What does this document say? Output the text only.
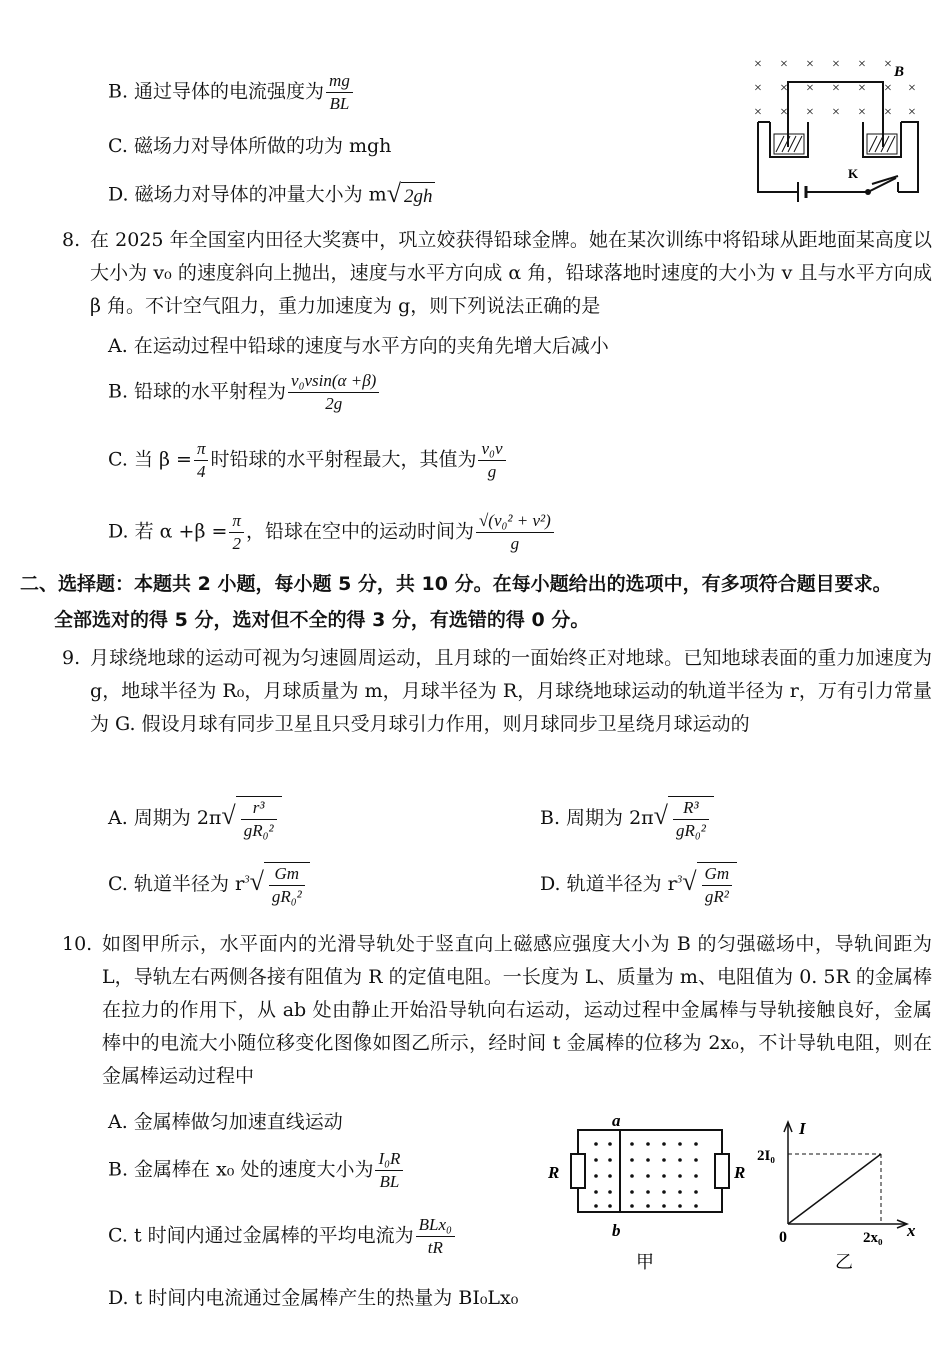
B. 通过导体的电流强度为 $\frac{mg}{BL}$
C. 磁场力对导体所做的功为 mgh
D. 磁场力对导体的冲量大小为 m√ 2gh
× × × × × ×
× × × × × × ×
× × × × × × ×
B
K
8. 在 2025 年全国室内田径大奖赛中，巩立姣获得铅球金牌。她在某次训练中将铅球从距地面某高度以大小为 v₀ 的速度斜向上抛出，速度与水平方向成 α 角，铅球落地时速度的大小为 v 且与水平方向成 β 角。不计空气阻力，重力加速度为 g，则下列说法正确的是
A. 在运动过程中铅球的速度与水平方向的夹角先增大后减小
B. 铅球的水平射程为 $\frac{\text{v₀vsin(α +β)}}{2g}$
C. 当 $\beta = \frac{\pi}{4}$ 时铅球的水平射程最大，其值为 $\frac{\text{v₀v}}{g}$
D. 若 $\alpha +\beta = \frac{\pi}{2}$ ，铅球在空中的运动时间为 $\frac{\text{√(v₀² + v²)}}{g}$
二、选择题：本题共 2 小题，每小题 5 分，共 10 分。在每小题给出的选项中，有多项符合题目要求。
全部选对的得 5 分，选对但不全的得 3 分，有选错的得 0 分。
9. 月球绕地球的运动可视为匀速圆周运动，且月球的一面始终正对地球。已知地球表面的重力加速度为 g，地球半径为 R₀，月球质量为 m，月球半径为 R，月球绕地球运动的轨道半径为 r，万有引力常量为 G. 假设月球有同步卫星且只受月球引力作用，则月球同步卫星绕月球运动的
A. 周期为 $2\pi√ \frac{\text{r³}}{\text{gR₀²}}$	B. 周期为 $2\pi√ \frac{\text{R³}}{\text{gR₀²}}$
C. 轨道半径为 $r^3√ \frac{Gm}{\text{gR₀²}}$	D. 轨道半径为 $r^3√ \frac{Gm}{\text{gR²}}$
10. 如图甲所示，水平面内的光滑导轨处于竖直向上磁感应强度大小为 B 的匀强磁场中，导轨间距为 L，导轨左右两侧各接有阻值为 R 的定值电阻。一长度为 L、质量为 m、电阻值为 0. 5R 的金属棒在拉力的作用下，从 ab 处由静止开始沿导轨向右运动，运动过程中金属棒与导轨接触良好，金属棒中的电流大小随位移变化图像如图乙所示，经时间 t 金属棒的位移为 2x₀，不计导轨电阻，则在金属棒运动过程中
A. 金属棒做匀加速直线运动
B. 金属棒在 x₀ 处的速度大小为 $\frac{\text{I₀R}}{BL}$
C. t 时间内通过金属棒的平均电流为 $\frac{\text{BLx₀}}{tR}$
D. t 时间内电流通过金属棒产生的热量为 BI₀Lx₀
a
R	R
b
甲
I
x
0
2I₀
2x₀
乙
